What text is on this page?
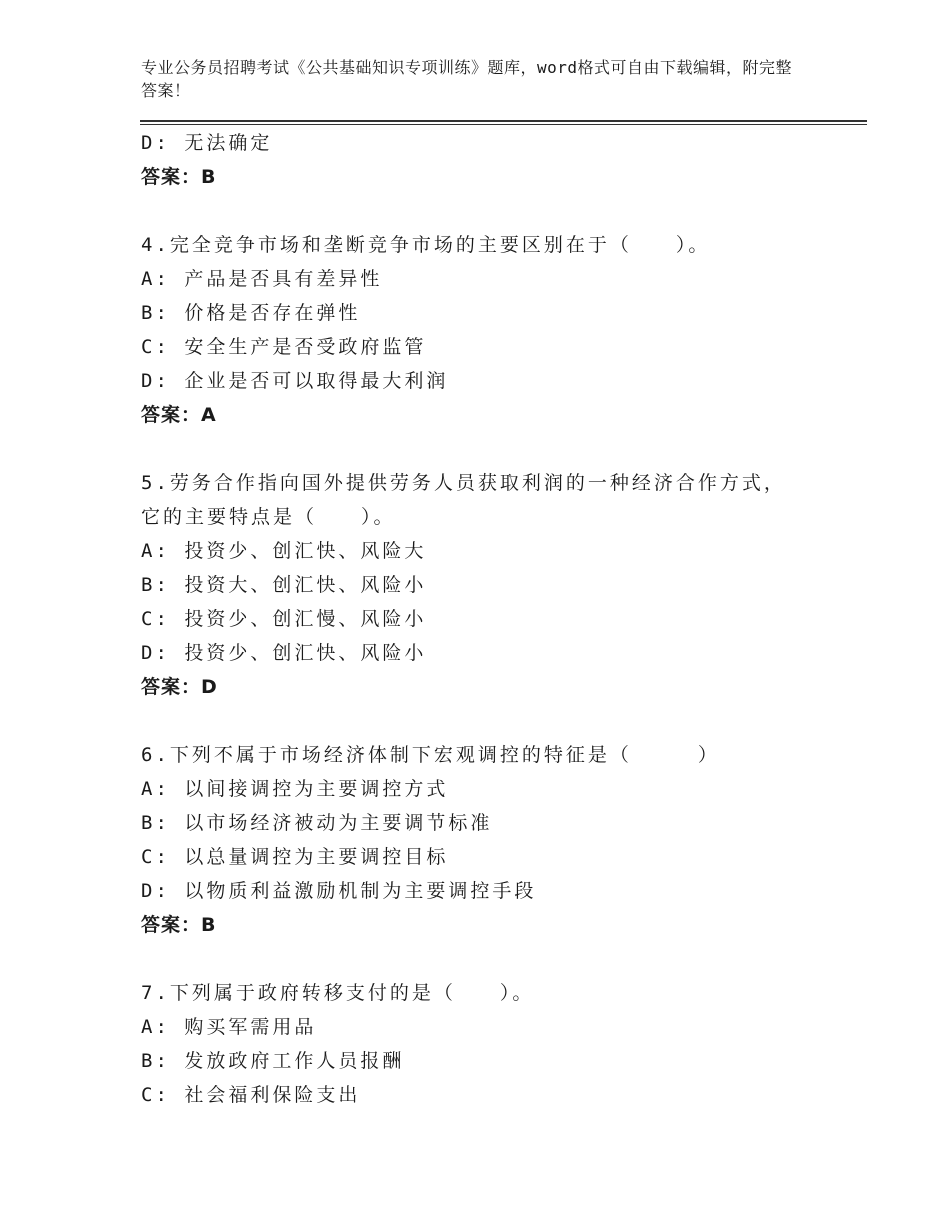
专业公务员招聘考试《公共基础知识专项训练》题库，word格式可自由下载编辑，附完整答案！
D: 无法确定
答案：B
4.完全竞争市场和垄断竞争市场的主要区别在于（　　）。
A: 产品是否具有差异性
B: 价格是否存在弹性
C: 安全生产是否受政府监管
D: 企业是否可以取得最大利润
答案：A
5.劳务合作指向国外提供劳务人员获取利润的一种经济合作方式，它的主要特点是（　　）。
A: 投资少、创汇快、风险大
B: 投资大、创汇快、风险小
C: 投资少、创汇慢、风险小
D: 投资少、创汇快、风险小
答案：D
6.下列不属于市场经济体制下宏观调控的特征是（　　　）
A: 以间接调控为主要调控方式
B: 以市场经济被动为主要调节标准
C: 以总量调控为主要调控目标
D: 以物质利益激励机制为主要调控手段
答案：B
7.下列属于政府转移支付的是（　　）。
A: 购买军需用品
B: 发放政府工作人员报酬
C: 社会福利保险支出
